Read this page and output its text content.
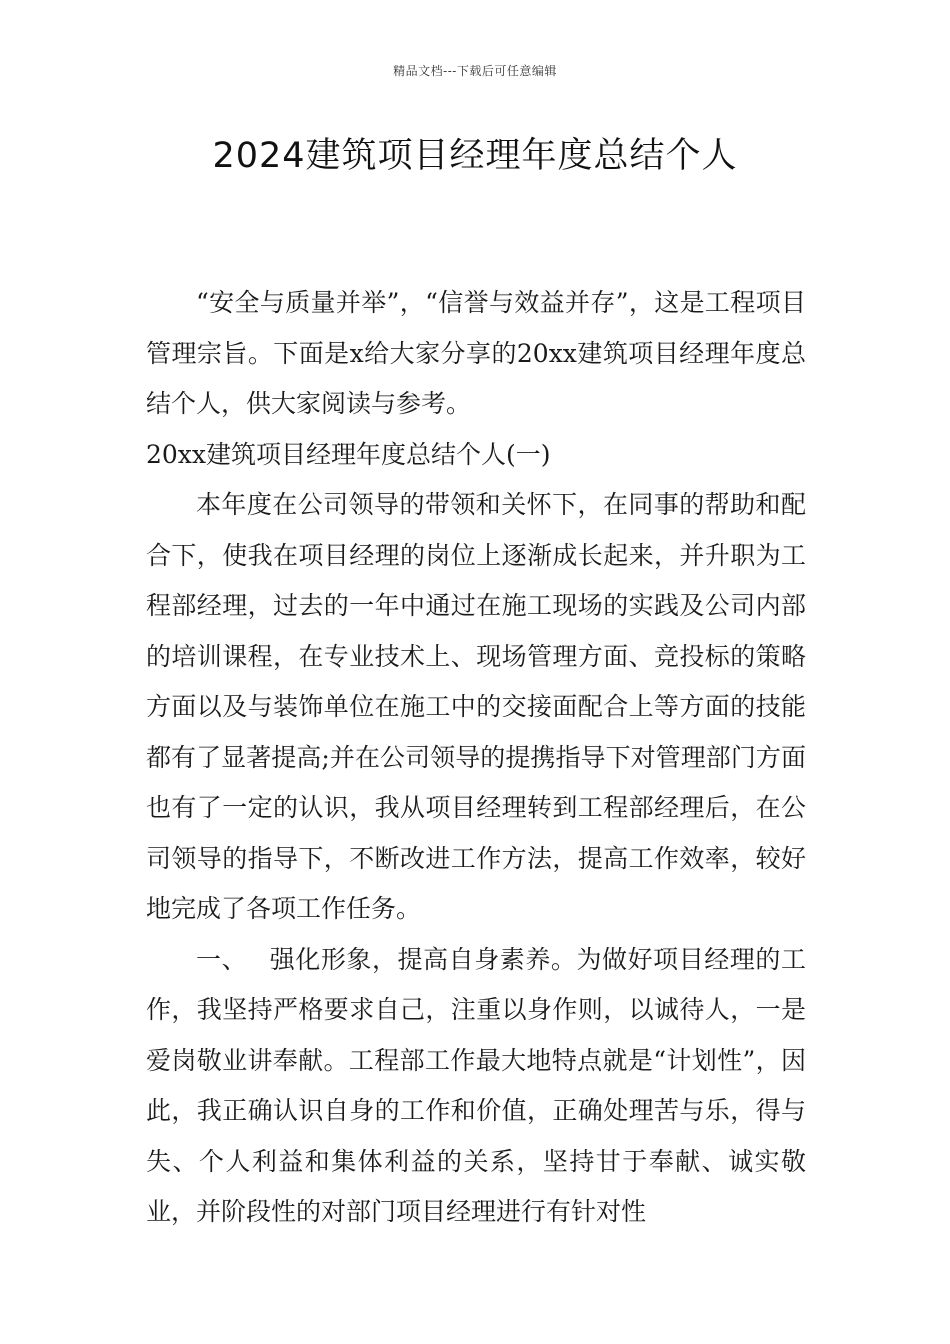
精品文档---下载后可任意编辑
2024建筑项目经理年度总结个人

“安全与质量并举”，“信誉与效益并存”，这是工程项目管理宗旨。下面是x给大家分享的20xx建筑项目经理年度总结个人，供大家阅读与参考。

20xx建筑项目经理年度总结个人(一)

本年度在公司领导的带领和关怀下，在同事的帮助和配合下，使我在项目经理的岗位上逐渐成长起来，并升职为工程部经理，过去的一年中通过在施工现场的实践及公司内部的培训课程，在专业技术上、现场管理方面、竞投标的策略方面以及与装饰单位在施工中的交接面配合上等方面的技能都有了显著提高;并在公司领导的提携指导下对管理部门方面也有了一定的认识，我从项目经理转到工程部经理后，在公司领导的指导下，不断改进工作方法，提高工作效率，较好地完成了各项工作任务。

一、 强化形象，提高自身素养。为做好项目经理的工作，我坚持严格要求自己，注重以身作则，以诚待人，一是爱岗敬业讲奉献。工程部工作最大地特点就是“计划性”，因此，我正确认识自身的工作和价值，正确处理苦与乐，得与失、个人利益和集体利益的关系，坚持甘于奉献、诚实敬业，并阶段性的对部门项目经理进行有针对性
